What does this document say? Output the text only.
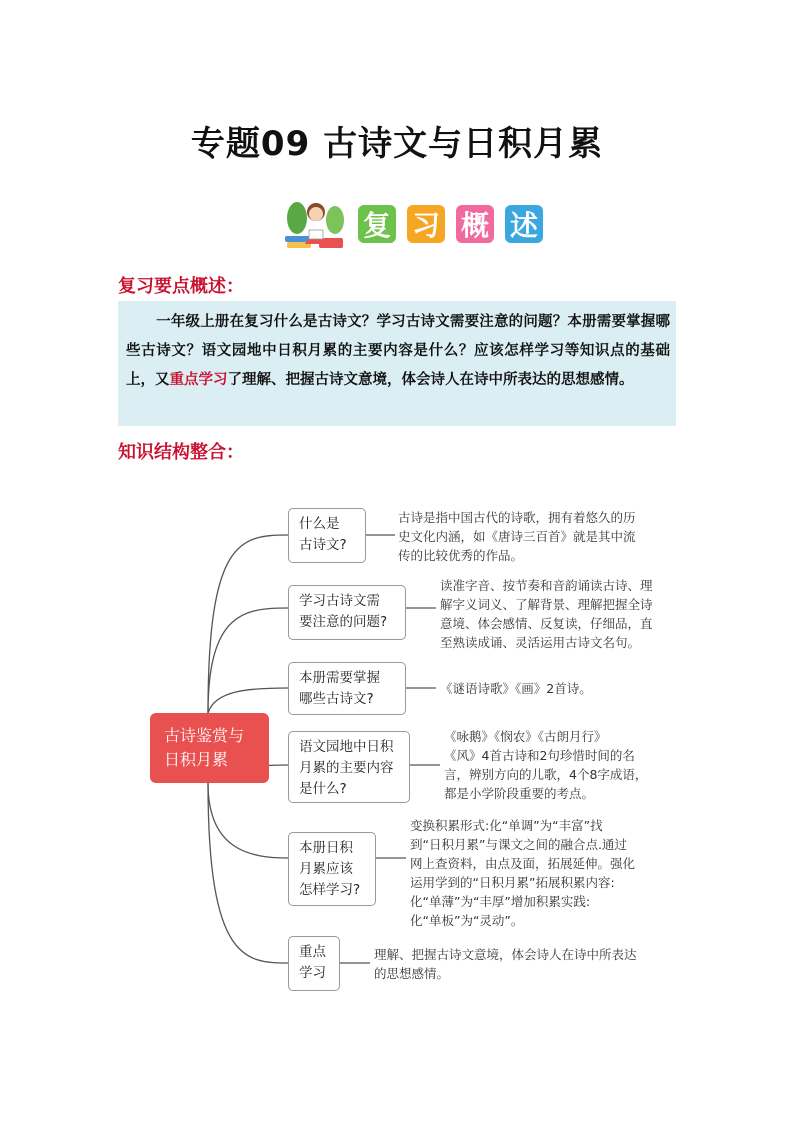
专题09 古诗文与日积月累
复 习 概 述
复习要点概述：
一年级上册在复习什么是古诗文？学习古诗文需要注意的问题？本册需要掌握哪些古诗文？语文园地中日积月累的主要内容是什么？应该怎样学习等知识点的基础上，又重点学习了理解、把握古诗文意境，体会诗人在诗中所表达的思想感情。
知识结构整合：
古诗鉴赏与
日积月累
什么是
古诗文?
古诗是指中国古代的诗歌，拥有着悠久的历
史文化内涵，如《唐诗三百首》就是其中流
传的比较优秀的作品。
学习古诗文需
要注意的问题?
读准字音、按节奏和音韵诵读古诗、理
解字义词义、了解背景、理解把握全诗
意境、体会感情、反复读，仔细品，直
至熟读成诵、灵活运用古诗文名句。
本册需要掌握
哪些古诗文?
《谜语诗歌》《画》2首诗。
语文园地中日积
月累的主要内容
是什么?
《咏鹅》《悯农》《古朗月行》
《风》4首古诗和2句珍惜时间的名
言，辨别方向的儿歌，4个8字成语，
都是小学阶段重要的考点。
本册日积
月累应该
怎样学习?
变换积累形式:化“单调”为“丰富”找
到“日积月累”与课文之间的融合点.通过
网上查资料，由点及面，拓展延伸。强化
运用学到的“日积月累”拓展积累内容:
化“单薄”为“丰厚”增加积累实践:
化“单板”为“灵动”。
重点
学习
理解、把握古诗文意境，体会诗人在诗中所表达
的思想感情。
